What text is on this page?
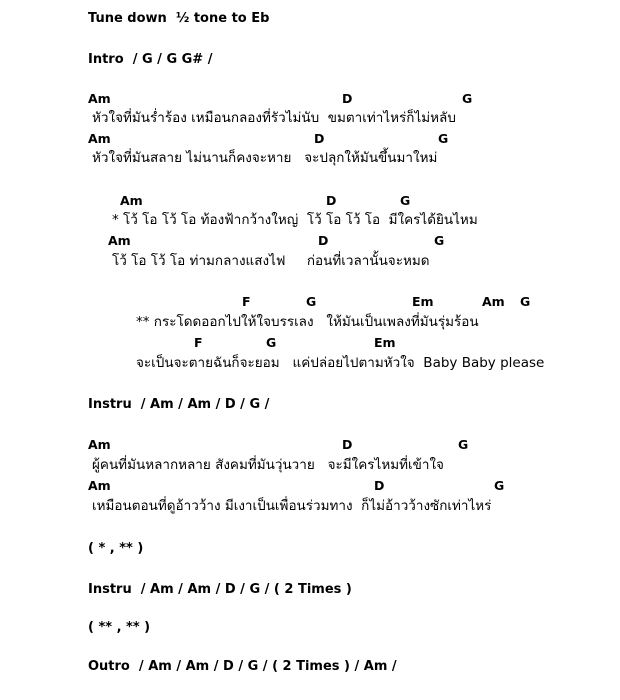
Tune down  ½ tone to Eb
Intro  / G / G G# /
Am	D	G
หัวใจที่มันร่ำร้อง เหมือนกลองที่รัวไม่นับ  ขมตาเท่าไหร่ก็ไม่หลับ
Am	D	G
หัวใจที่มันสลาย ไม่นานก็คงจะหาย   จะปลุกให้มันขึ้นมาใหม่
Am	D	G
* โว้ โอ โว้ โอ ท้องฟ้ากว้างใหญ่  โว้ โอ โว้ โอ  มีใครได้ยินไหม
Am	D	G
โว้ โอ โว้ โอ ท่ามกลางแสงไฟ     ก่อนที่เวลานั้นจะหมด
F	G	Em	Am G
** กระโดดออกไปให้ใจบรรเลง   ให้มันเป็นเพลงที่มันรุ่มร้อน
F	G	Em
จะเป็นจะตายฉันก็จะยอม   แค่ปล่อยไปตามหัวใจ  Baby Baby please
Instru  / Am / Am / D / G /
Am	D	G
ผู้คนที่มันหลากหลาย สังคมที่มันวุ่นวาย   จะมีใครไหมที่เข้าใจ
Am	D	G
เหมือนตอนที่ดูอ้าวว้าง มีเงาเป็นเพื่อนร่วมทาง  ก็ไม่อ้าวว้างซักเท่าไหร่
( * , ** )
Instru  / Am / Am / D / G / ( 2 Times )
( ** , ** )
Outro  / Am / Am / D / G / ( 2 Times ) / Am /
